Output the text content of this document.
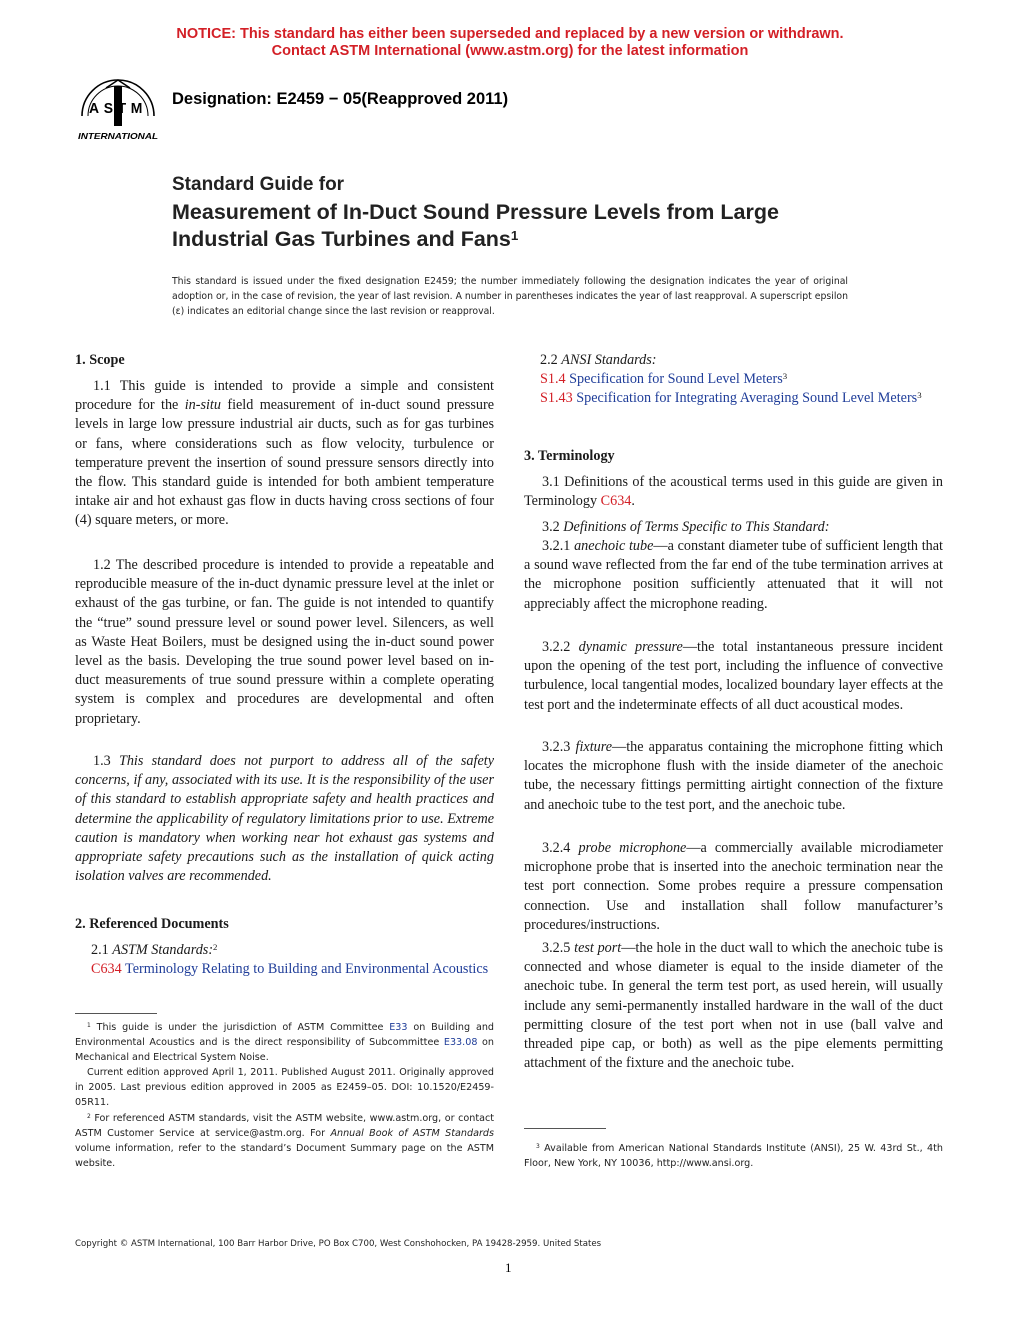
NOTICE: This standard has either been superseded and replaced by a new version or withdrawn.
Contact ASTM International (www.astm.org) for the latest information
ASTM
INTERNATIONAL
Designation: E2459 − 05(Reapproved 2011)
Standard Guide for
Measurement of In-Duct Sound Pressure Levels from Large
Industrial Gas Turbines and Fans$^1$
This standard is issued under the fixed designation E2459; the number immediately following the designation indicates the year of original adoption or, in the case of revision, the year of last revision. A number in parentheses indicates the year of last reapproval. A superscript epsilon (ε) indicates an editorial change since the last revision or reapproval.
1. Scope
1.1 This guide is intended to provide a simple and consistent procedure for the in-situ field measurement of in-duct sound pressure levels in large low pressure industrial air ducts, such as for gas turbines or fans, where considerations such as flow velocity, turbulence or temperature prevent the insertion of sound pressure sensors directly into the flow. This standard guide is intended for both ambient temperature intake air and hot exhaust gas flow in ducts having cross sections of four (4) square meters, or more.
1.2 The described procedure is intended to provide a repeatable and reproducible measure of the in-duct dynamic pressure level at the inlet or exhaust of the gas turbine, or fan. The guide is not intended to quantify the “true” sound pressure level or sound power level. Silencers, as well as Waste Heat Boilers, must be designed using the in-duct sound power level as the basis. Developing the true sound power level based on in-duct measurements of true sound pressure within a complete operating system is complex and procedures are developmental and often proprietary.
1.3 This standard does not purport to address all of the safety concerns, if any, associated with its use. It is the responsibility of the user of this standard to establish appropriate safety and health practices and determine the applicability of regulatory limitations prior to use. Extreme caution is mandatory when working near hot exhaust gas systems and appropriate safety precautions such as the installation of quick acting isolation valves are recommended.
2. Referenced Documents
2.1 ASTM Standards:$^2$
C634 Terminology Relating to Building and Environmental Acoustics
$^1$ This guide is under the jurisdiction of ASTM Committee E33 on Building and Environmental Acoustics and is the direct responsibility of Subcommittee E33.08 on Mechanical and Electrical System Noise.
Current edition approved April 1, 2011. Published August 2011. Originally approved in 2005. Last previous edition approved in 2005 as E2459–05. DOI: 10.1520/E2459-05R11.
$^2$ For referenced ASTM standards, visit the ASTM website, www.astm.org, or contact ASTM Customer Service at service@astm.org. For Annual Book of ASTM Standards volume information, refer to the standard’s Document Summary page on the ASTM website.
2.2 ANSI Standards:
S1.4 Specification for Sound Level Meters$^3$
S1.43 Specification for Integrating Averaging Sound Level Meters$^3$
3. Terminology
3.1 Definitions of the acoustical terms used in this guide are given in Terminology C634.
3.2 Definitions of Terms Specific to This Standard:
3.2.1 anechoic tube—a constant diameter tube of sufficient length that a sound wave reflected from the far end of the tube termination arrives at the microphone position sufficiently attenuated that it will not appreciably affect the microphone reading.
3.2.2 dynamic pressure—the total instantaneous pressure incident upon the opening of the test port, including the influence of convective turbulence, local tangential modes, localized boundary layer effects at the test port and the indeterminate effects of all duct acoustical modes.
3.2.3 fixture—the apparatus containing the microphone fitting which locates the microphone flush with the inside diameter of the anechoic tube, the necessary fittings permitting airtight connection of the fixture and anechoic tube to the test port, and the anechoic tube.
3.2.4 probe microphone—a commercially available microdiameter microphone probe that is inserted into the anechoic termination near the test port connection. Some probes require a pressure compensation connection. Use and installation shall follow manufacturer’s procedures/instructions.
3.2.5 test port—the hole in the duct wall to which the anechoic tube is connected and whose diameter is equal to the inside diameter of the anechoic tube. In general the term test port, as used herein, will usually include any semi-permanently installed hardware in the wall of the duct permitting closure of the test port when not in use (ball valve and threaded pipe cap, or both) as well as the pipe elements permitting attachment of the fixture and the anechoic tube.
$^3$ Available from American National Standards Institute (ANSI), 25 W. 43rd St., 4th Floor, New York, NY 10036, http://www.ansi.org.
Copyright © ASTM International, 100 Barr Harbor Drive, PO Box C700, West Conshohocken, PA 19428-2959. United States
1
